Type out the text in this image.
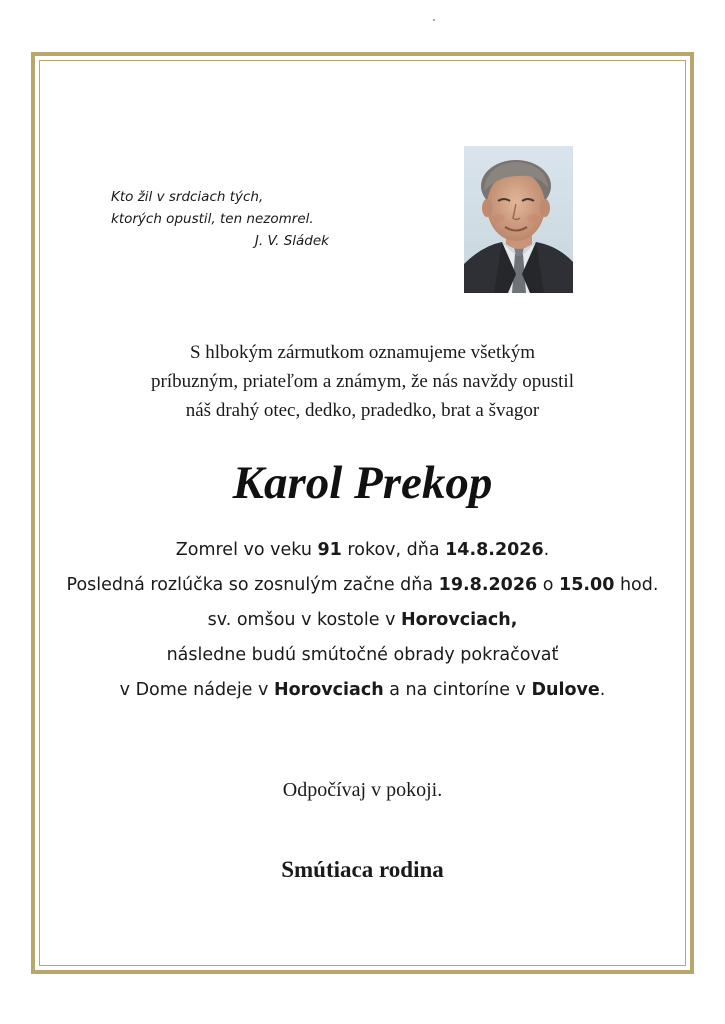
Kto žil v srdciach tých,
ktorých opustil, ten nezomrel.
J. V. Sládek
S hlbokým zármutkom oznamujeme všetkým
príbuzným, priateľom a známym, že nás navždy opustil
náš drahý otec, dedko, pradedko, brat a švagor
Karol Prekop
Zomrel vo veku 91 rokov, dňa 14.8.2026.
Posledná rozlúčka so zosnulým začne dňa 19.8.2026 o 15.00 hod.
sv. omšou v kostole v Horovciach,
následne budú smútočné obrady pokračovať
v Dome nádeje v Horovciach a na cintoríne v Dulove.
Odpočívaj v pokoji.
Smútiaca rodina
